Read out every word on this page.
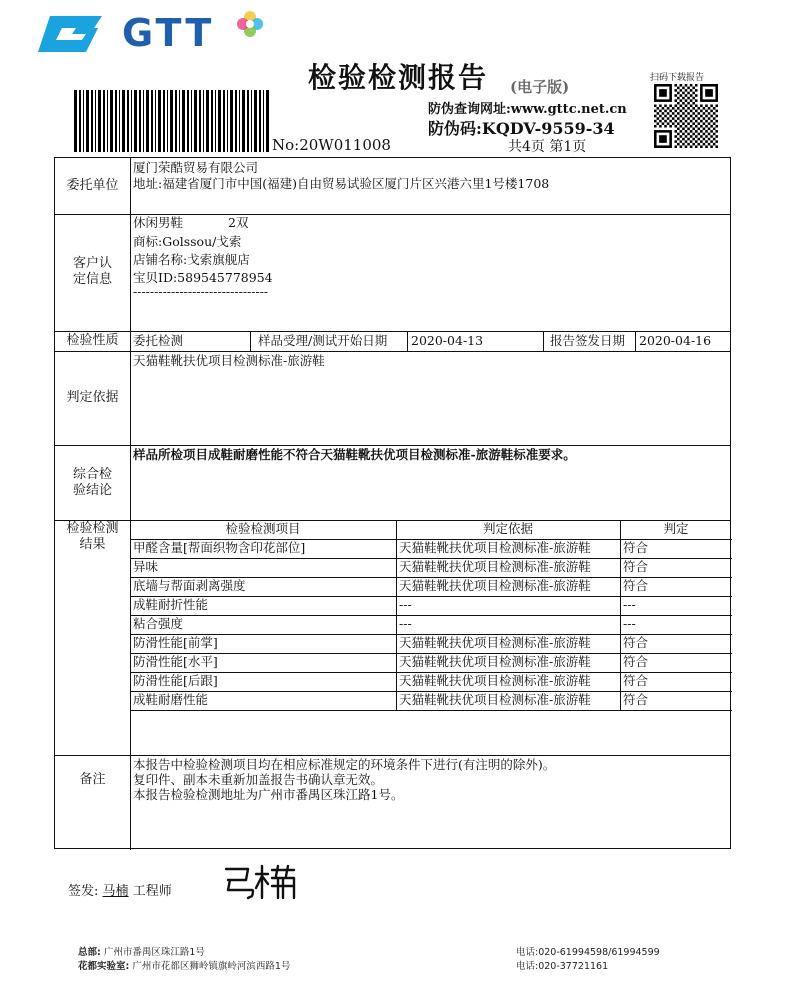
GTT
检验检测报告 (电子版)	扫码下载报告
No:20W011008
防伪查询网址:www.gttc.net.cn
防伪码:KQDV-9559-34
共4页 第1页
委托单位
厦门荣酷贸易有限公司
地址:福建省厦门市中国(福建)自由贸易试验区厦门片区兴港六里1号楼1708
客户认定信息
休闲男鞋	2双
商标:Golssou/戈索
店铺名称:戈索旗舰店
宝贝ID:589545778954
--------------------------------
检验性质	委托检测	样品受理/测试开始日期 2020-04-13	报告签发日期 2020-04-16
判定依据
天猫鞋靴扶优项目检测标准-旅游鞋
综合检验结论
样品所检项目成鞋耐磨性能不符合天猫鞋靴扶优项目检测标准-旅游鞋标准要求。
检验检测结果
检验检测项目	判定依据	判定
甲醛含量[帮面织物含印花部位]	天猫鞋靴扶优项目检测标准-旅游鞋	符合
异味	天猫鞋靴扶优项目检测标准-旅游鞋	符合
底墙与帮面剥离强度	天猫鞋靴扶优项目检测标准-旅游鞋	符合
成鞋耐折性能	---	---
粘合强度	---	---
防滑性能[前掌]	天猫鞋靴扶优项目检测标准-旅游鞋	符合
防滑性能[水平]	天猫鞋靴扶优项目检测标准-旅游鞋	符合
防滑性能[后跟]	天猫鞋靴扶优项目检测标准-旅游鞋	符合
成鞋耐磨性能	天猫鞋靴扶优项目检测标准-旅游鞋	符合
备注
本报告中检验检测项目均在相应标准规定的环境条件下进行(有注明的除外)。
复印件、副本未重新加盖报告书确认章无效。
本报告检验检测地址为广州市番禺区珠江路1号。
签发: 马楠 工程师
总部: 广州市番禺区珠江路1号
花都实验室: 广州市花都区狮岭镇旗岭河滨西路1号
电话:020-61994598/61994599
电话:020-37721161
